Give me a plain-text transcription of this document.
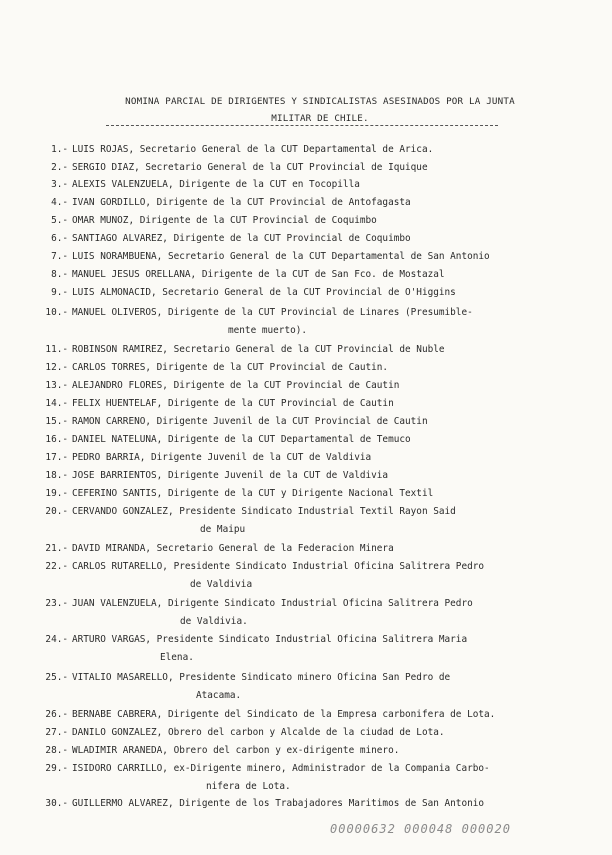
NOMINA PARCIAL DE DIRIGENTES Y SINDICALISTAS ASESINADOS POR LA JUNTA
MILITAR DE CHILE.
1.- LUIS ROJAS, Secretario General de la CUT Departamental de Arica.
2.- SERGIO DIAZ, Secretario General de la CUT Provincial de Iquique
3.- ALEXIS VALENZUELA, Dirigente de la CUT en Tocopilla
4.- IVAN GORDILLO, Dirigente de la CUT Provincial de Antofagasta
5.- OMAR MUNOZ, Dirigente de la CUT Provincial de Coquimbo
6.- SANTIAGO ALVAREZ, Dirigente de la CUT Provincial de Coquimbo
7.- LUIS NORAMBUENA, Secretario General de la CUT Departamental de San Antonio
8.- MANUEL JESUS ORELLANA, Dirigente de la CUT de San Fco. de Mostazal
9.- LUIS ALMONACID, Secretario General de la CUT Provincial de O'Higgins
10.- MANUEL OLIVEROS, Dirigente de la CUT Provincial de Linares (Presumible-
mente muerto).
11.- ROBINSON RAMIREZ, Secretario General de la CUT Provincial de Nuble
12.- CARLOS TORRES, Dirigente de la CUT Provincial de Cautin.
13.- ALEJANDRO FLORES, Dirigente de la CUT Provincial de Cautin
14.- FELIX HUENTELAF, Dirigente de la CUT Provincial de Cautin
15.- RAMON CARRENO, Dirigente Juvenil de la CUT Provincial de Cautin
16.- DANIEL NATELUNA, Dirigente de la CUT Departamental de Temuco
17.- PEDRO BARRIA, Dirigente Juvenil de la CUT de Valdivia
18.- JOSE BARRIENTOS, Dirigente Juvenil de la CUT de Valdivia
19.- CEFERINO SANTIS, Dirigente de la CUT y Dirigente Nacional Textil
20.- CERVANDO GONZALEZ, Presidente Sindicato Industrial Textil Rayon Said
de Maipu
21.- DAVID MIRANDA, Secretario General de la Federacion Minera
22.- CARLOS RUTARELLO, Presidente Sindicato Industrial Oficina Salitrera Pedro
de Valdivia
23.- JUAN VALENZUELA, Dirigente Sindicato Industrial Oficina Salitrera Pedro
de Valdivia.
24.- ARTURO VARGAS, Presidente Sindicato Industrial Oficina Salitrera Maria
Elena.
25.- VITALIO MASARELLO, Presidente Sindicato minero Oficina San Pedro de
Atacama.
26.- BERNABE CABRERA, Dirigente del Sindicato de la Empresa carbonifera de Lota.
27.- DANILO GONZALEZ, Obrero del carbon y Alcalde de la ciudad de Lota.
28.- WLADIMIR ARANEDA, Obrero del carbon y ex-dirigente minero.
29.- ISIDORO CARRILLO, ex-Dirigente minero, Administrador de la Compania Carbo-
nifera de Lota.
30.- GUILLERMO ALVAREZ, Dirigente de los Trabajadores Maritimos de San Antonio
00000632 000048 000020
